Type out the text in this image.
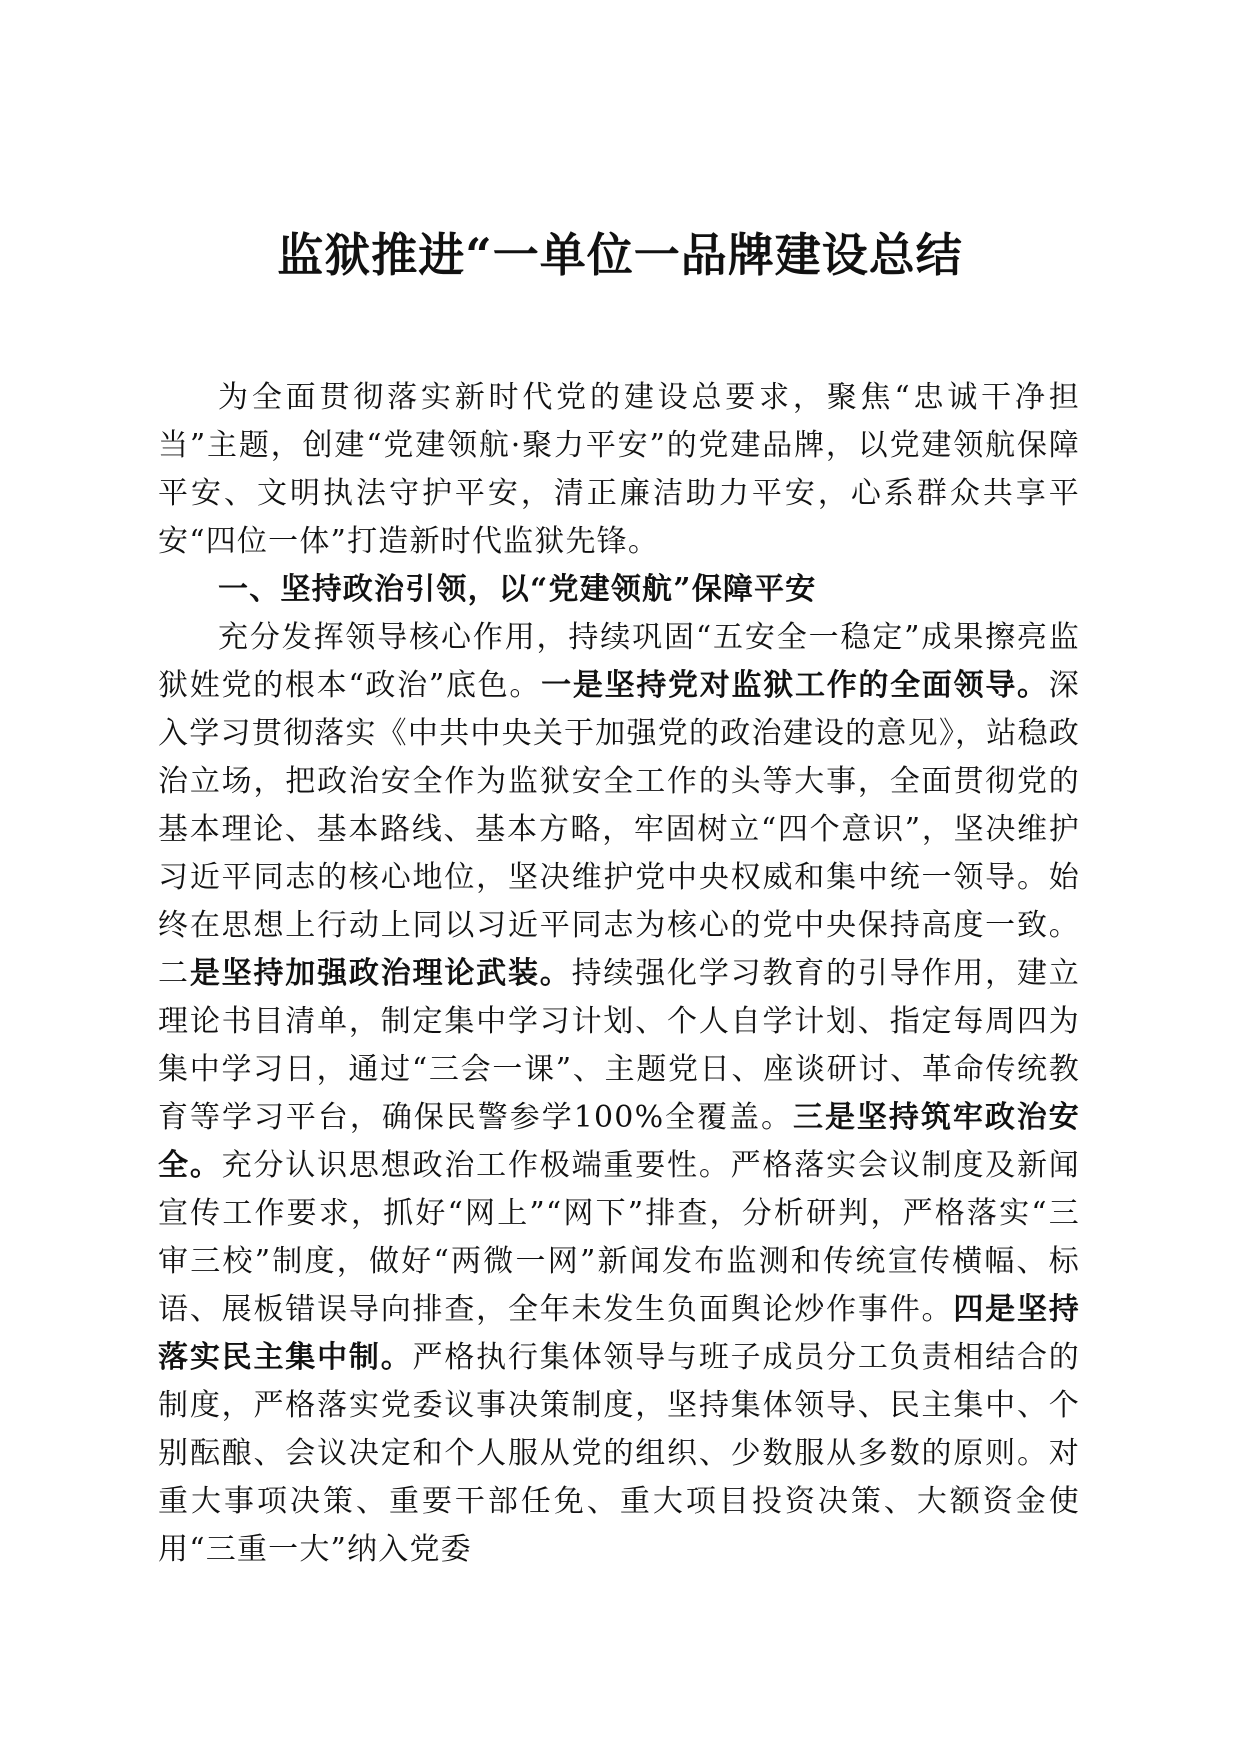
监狱推进“一单位一品牌建设总结

为全面贯彻落实新时代党的建设总要求，聚焦“忠诚干净担当”主题，创建“党建领航·聚力平安”的党建品牌，以党建领航保障平安、文明执法守护平安，清正廉洁助力平安，心系群众共享平安“四位一体”打造新时代监狱先锋。

一、坚持政治引领，以“党建领航”保障平安

充分发挥领导核心作用，持续巩固“五安全一稳定”成果擦亮监狱姓党的根本“政治”底色。一是坚持党对监狱工作的全面领导。深入学习贯彻落实《中共中央关于加强党的政治建设的意见》，站稳政治立场，把政治安全作为监狱安全工作的头等大事，全面贯彻党的基本理论、基本路线、基本方略，牢固树立“四个意识”，坚决维护习近平同志的核心地位，坚决维护党中央权威和集中统一领导。始终在思想上行动上同以习近平同志为核心的党中央保持高度一致。二是坚持加强政治理论武装。持续强化学习教育的引导作用，建立理论书目清单，制定集中学习计划、个人自学计划、指定每周四为集中学习日，通过“三会一课”、主题党日、座谈研讨、革命传统教育等学习平台，确保民警参学100%全覆盖。三是坚持筑牢政治安全。充分认识思想政治工作极端重要性。严格落实会议制度及新闻宣传工作要求，抓好“网上”“网下”排查，分析研判，严格落实“三审三校”制度，做好“两微一网”新闻发布监测和传统宣传横幅、标语、展板错误导向排查，全年未发生负面舆论炒作事件。四是坚持落实民主集中制。严格执行集体领导与班子成员分工负责相结合的制度，严格落实党委议事决策制度，坚持集体领导、民主集中、个别酝酿、会议决定和个人服从党的组织、少数服从多数的原则。对重大事项决策、重要干部任免、重大项目投资决策、大额资金使用“三重一大”纳入党委
